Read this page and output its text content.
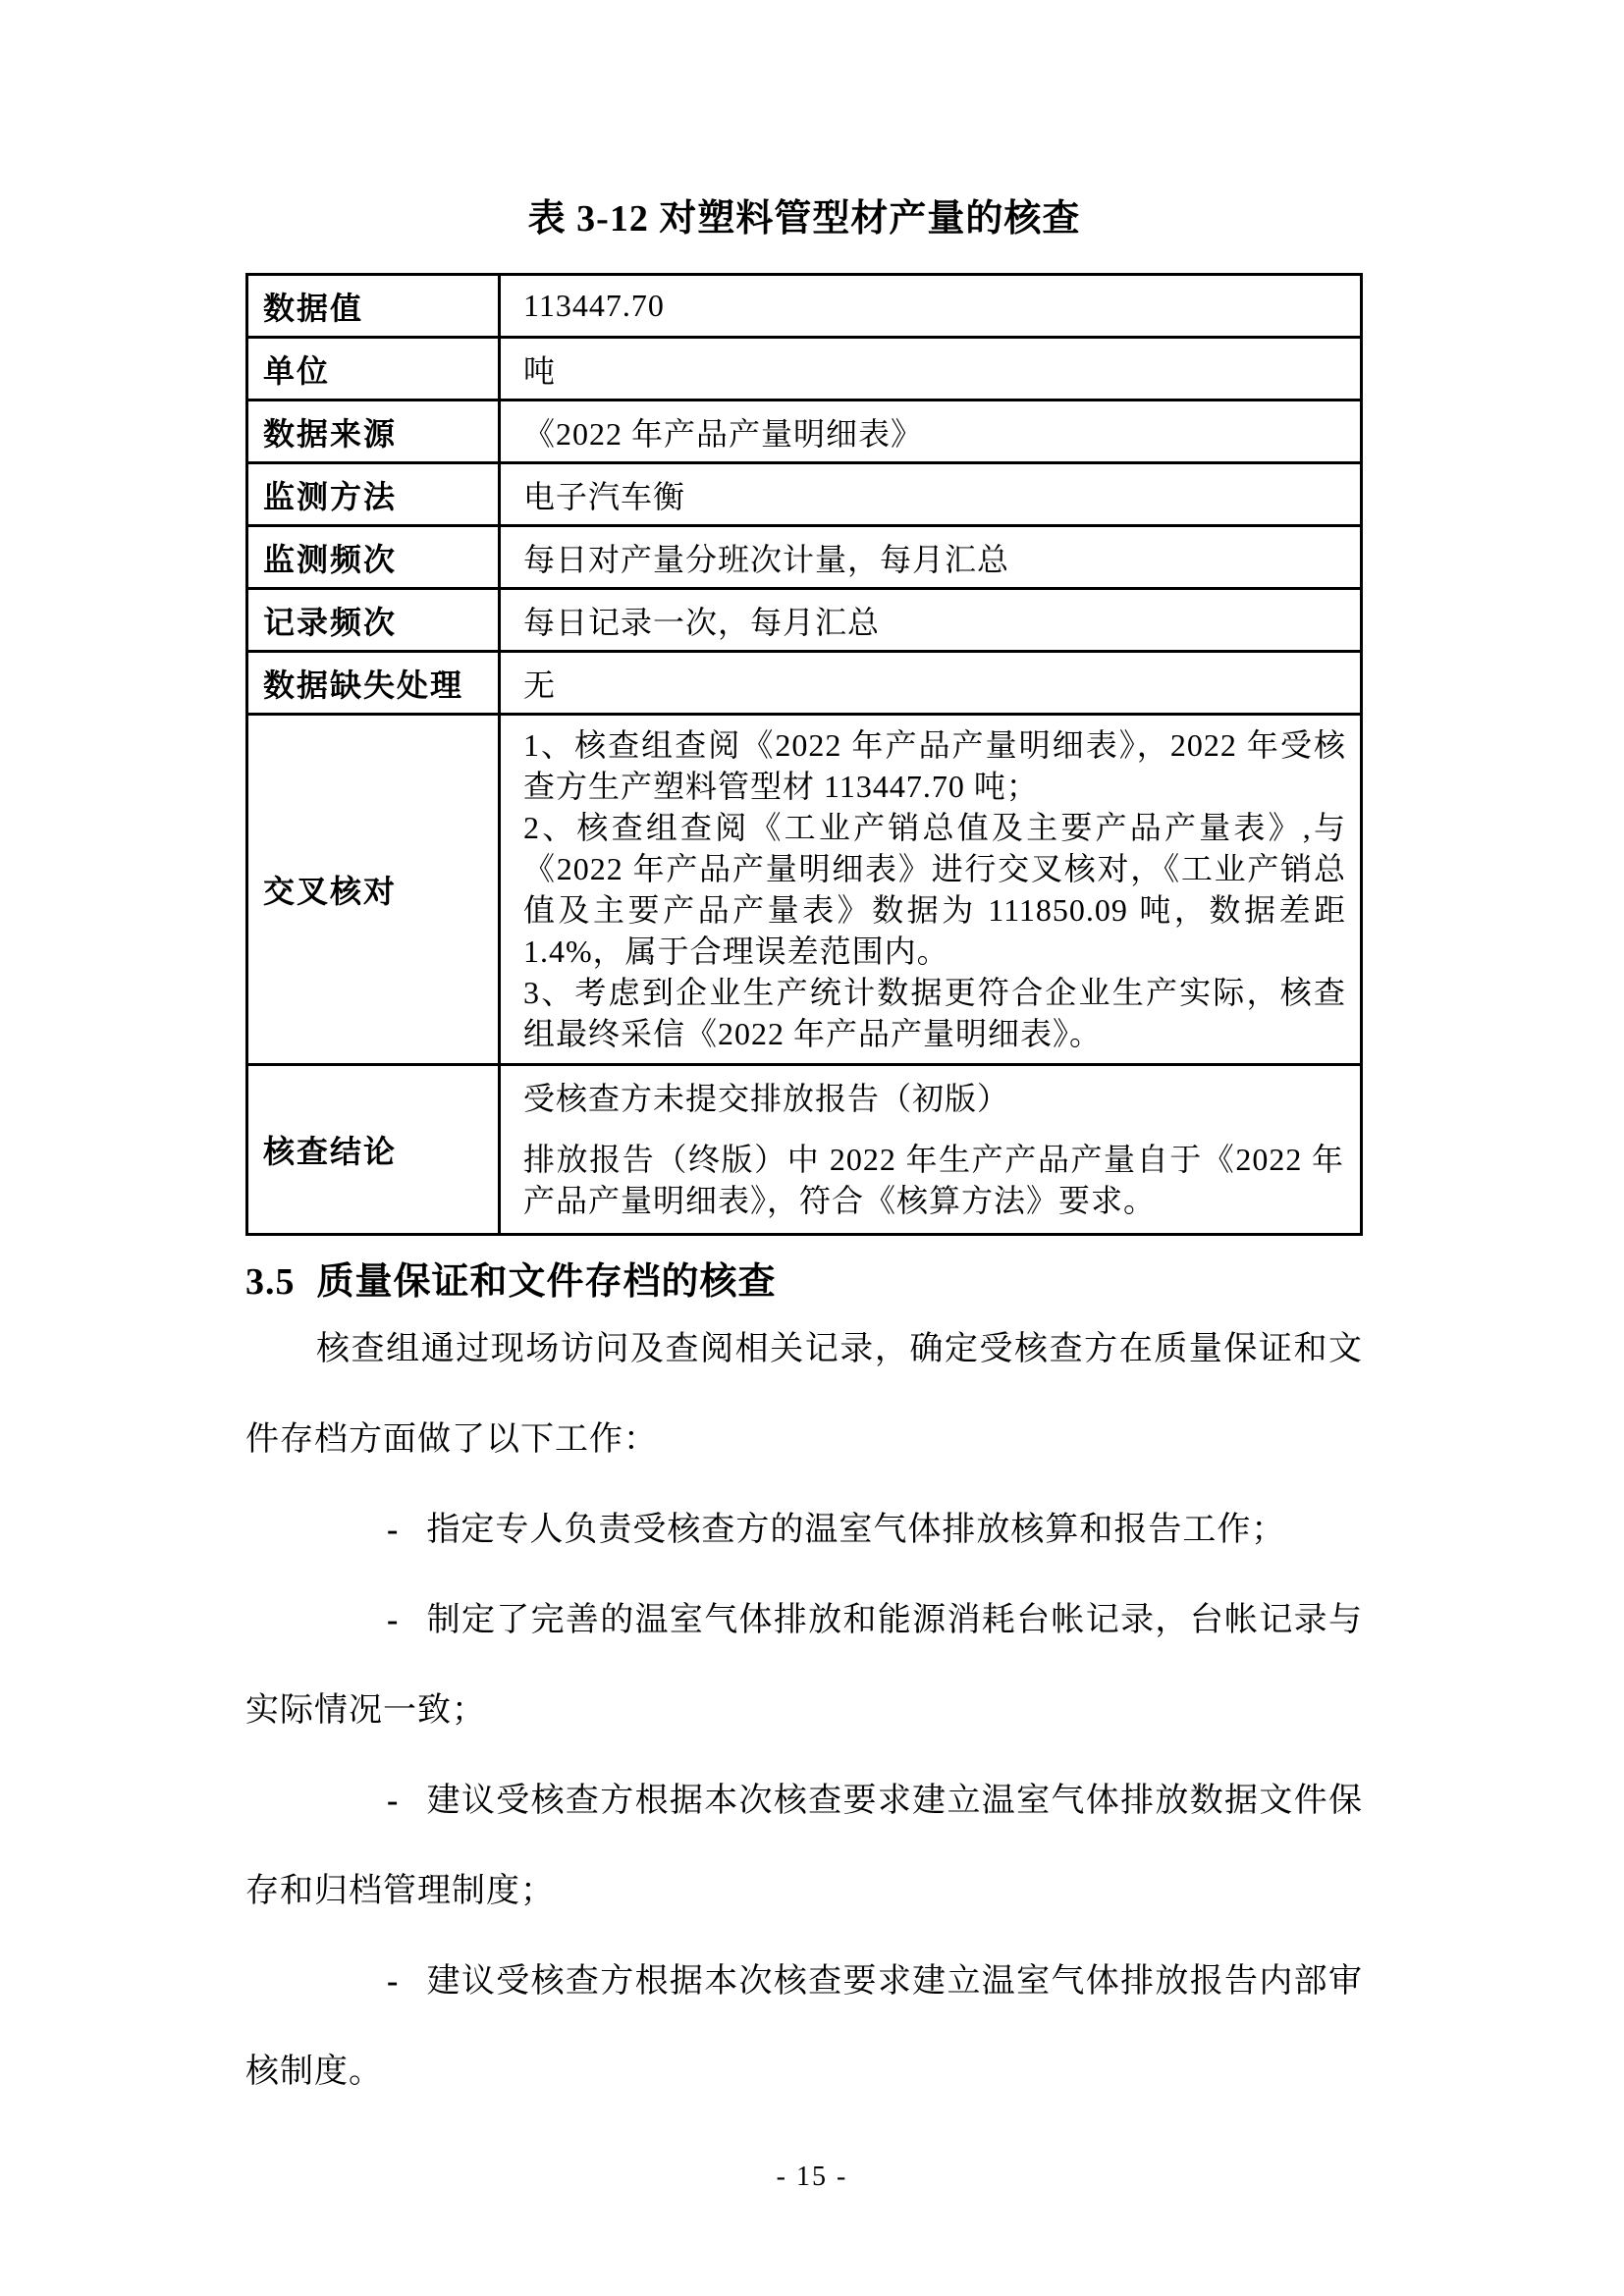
表 3-12 对塑料管型材产量的核查
数据值	113447.70
单位	吨
数据来源	《2022 年产品产量明细表》
监测方法	电子汽车衡
监测频次	每日对产量分班次计量，每月汇总
记录频次	每日记录一次，每月汇总
数据缺失处理	无
交叉核对	1、核查组查阅《2022 年产品产量明细表》，2022 年受核查方生产塑料管型材 113447.70 吨；

2、核查组查阅《工业产销总值及主要产品产量表》,与《2022 年产品产量明细表》进行交叉核对，《工业产销总值及主要产品产量表》数据为 111850.09 吨，数据差距 1.4%，属于合理误差范围内。

3、考虑到企业生产统计数据更符合企业生产实际，核查组最终采信《2022 年产品产量明细表》。

核查结论	受核查方未提交排放报告（初版）

排放报告（终版）中 2022 年生产产品产量自于《2022 年产品产量明细表》，符合《核算方法》要求。

3.5 质量保证和文件存档的核查

核查组通过现场访问及查阅相关记录，确定受核查方在质量保证和文件存档方面做了以下工作：

- 指定专人负责受核查方的温室气体排放核算和报告工作；

- 制定了完善的温室气体排放和能源消耗台帐记录，台帐记录与实际情况一致；

- 建议受核查方根据本次核查要求建立温室气体排放数据文件保存和归档管理制度；

- 建议受核查方根据本次核查要求建立温室气体排放报告内部审核制度。

- 15 -
